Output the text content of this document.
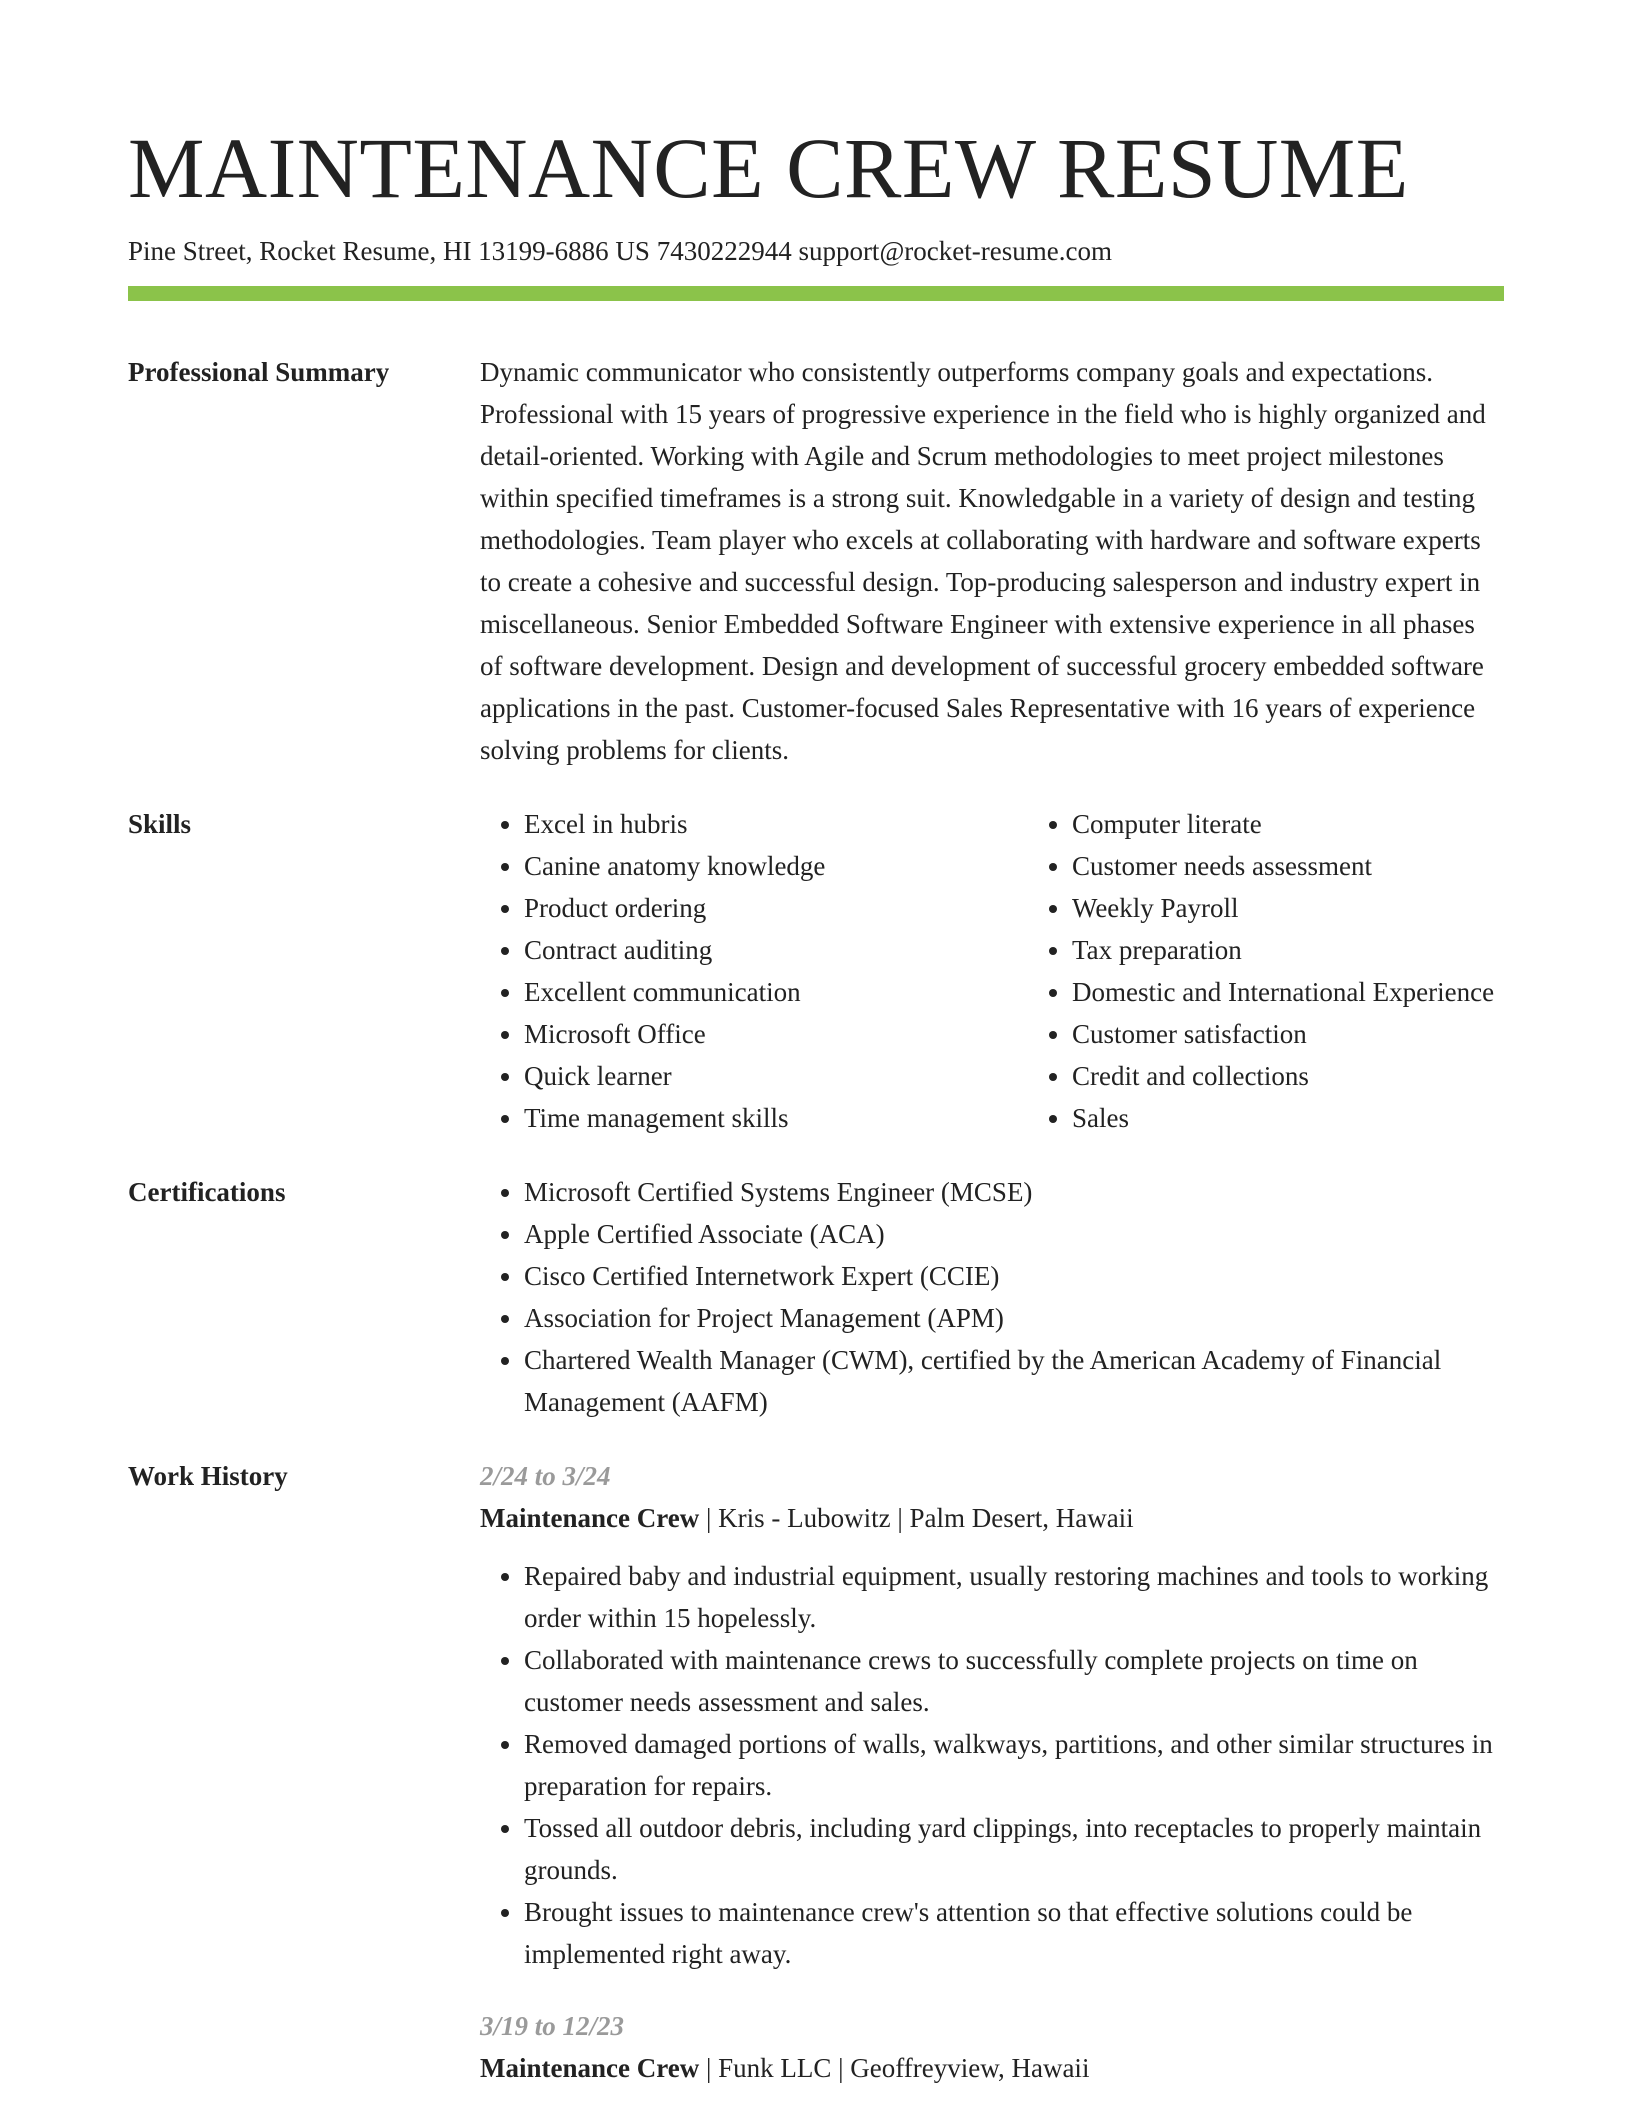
MAINTENANCE CREW RESUME
Pine Street, Rocket Resume, HI 13199-6886 US 7430222944 support@rocket-resume.com
Professional Summary	Dynamic communicator who consistently outperforms company goals and expectations. Professional with 15 years of progressive experience in the field who is highly organized and detail-oriented. Working with Agile and Scrum methodologies to meet project milestones within specified timeframes is a strong suit. Knowledgable in a variety of design and testing methodologies. Team player who excels at collaborating with hardware and software experts to create a cohesive and successful design. Top-producing salesperson and industry expert in miscellaneous. Senior Embedded Software Engineer with extensive experience in all phases of software development. Design and development of successful grocery embedded software applications in the past. Customer-focused Sales Representative with 16 years of experience solving problems for clients.

Skills	• Excel in hubris
• Canine anatomy knowledge
• Product ordering
• Contract auditing
• Excellent communication
• Microsoft Office
• Quick learner
• Time management skills
• Computer literate
• Customer needs assessment
• Weekly Payroll
• Tax preparation
• Domestic and International Experience
• Customer satisfaction
• Credit and collections
• Sales
Certifications	• Microsoft Certified Systems Engineer (MCSE)
• Apple Certified Associate (ACA)
• Cisco Certified Internetwork Expert (CCIE)
• Association for Project Management (APM)
• Chartered Wealth Manager (CWM), certified by the American Academy of Financial Management (AAFM)
Work History	2/24 to 3/24
Maintenance Crew | Kris - Lubowitz | Palm Desert, Hawaii
• Repaired baby and industrial equipment, usually restoring machines and tools to working order within 15 hopelessly.
• Collaborated with maintenance crews to successfully complete projects on time on customer needs assessment and sales.
• Removed damaged portions of walls, walkways, partitions, and other similar structures in preparation for repairs.
• Tossed all outdoor debris, including yard clippings, into receptacles to properly maintain grounds.
• Brought issues to maintenance crew's attention so that effective solutions could be implemented right away.
3/19 to 12/23
Maintenance Crew | Funk LLC | Geoffreyview, Hawaii
